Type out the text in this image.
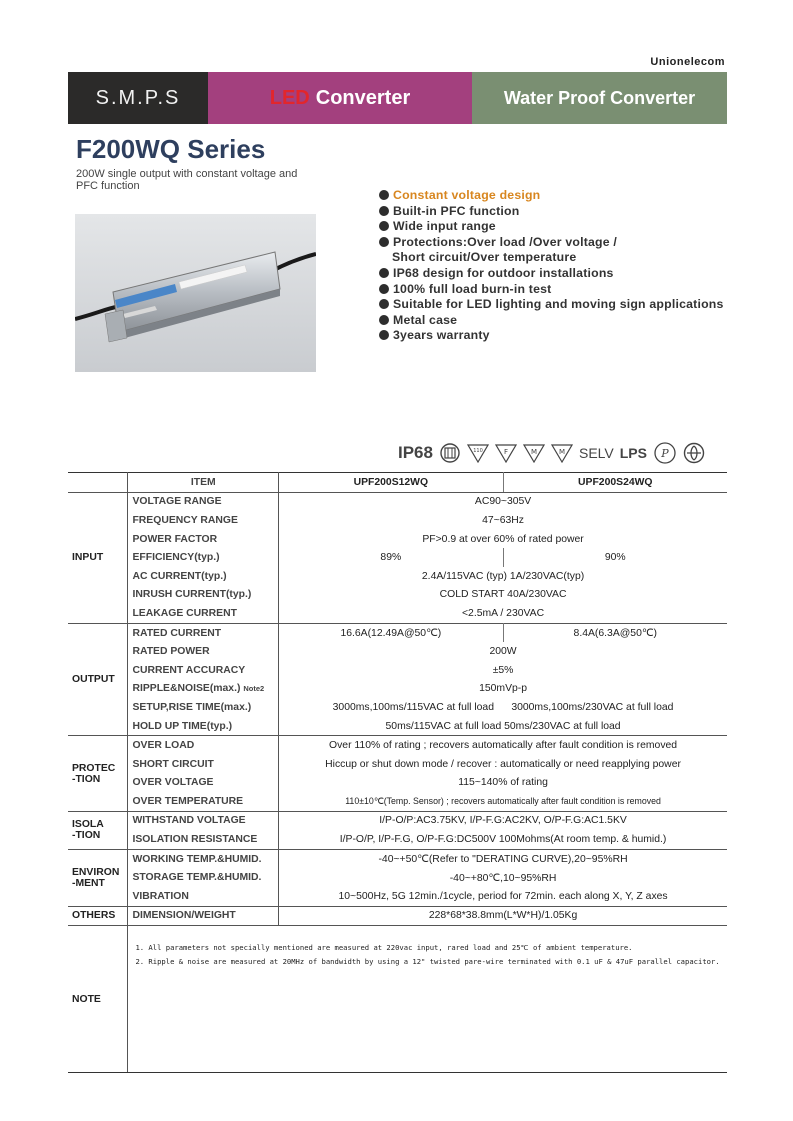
Unionelecom
S.M.P.S	LED Converter	Water Proof Converter
F200WQ Series
200W single output with constant voltage and PFC function
Constant voltage design
Built-in PFC function
Wide input range
Protections:Over load /Over voltage /
Short circuit/Over temperature
IP68 design for outdoor installations
100% full load burn-in test
Suitable for LED lighting and moving sign applications
Metal case
3years warranty
IP68	110	F	M	M SELV LPS P
	ITEM	UPF200S12WQ	UPF200S24WQ
INPUT	VOLTAGE RANGE	AC90~305V	
	FREQUENCY RANGE	47~63Hz	
	POWER FACTOR	PF>0.9 at over 60% of rated power	
	EFFICIENCY(typ.)	89%	90%
	AC CURRENT(typ.)	2.4A/115VAC (typ) 1A/230VAC(typ)	
	INRUSH CURRENT(typ.)	COLD START 40A/230VAC	
	LEAKAGE CURRENT	<2.5mA / 230VAC	
OUTPUT	RATED CURRENT	16.6A(12.49A@50℃)	8.4A(6.3A@50℃)
	RATED POWER	200W	
	CURRENT ACCURACY	±5%	
	RIPPLE&NOISE(max.) Note2	150mVp-p	
	SETUP,RISE TIME(max.)	3000ms,100ms/115VAC at full load      3000ms,100ms/230VAC at full load	
	HOLD UP TIME(typ.)	50ms/115VAC at full load 50ms/230VAC at full load	
PROTEC
-TION	OVER LOAD	Over 110% of rating ; recovers automatically after fault condition is removed	
	SHORT CIRCUIT	Hiccup or shut down mode / recover : automatically or need reapplying power	
	OVER VOLTAGE	115~140% of rating	
	OVER TEMPERATURE	110±10℃(Temp. Sensor) ; recovers automatically after fault condition is removed	
ISOLA
-TION	WITHSTAND VOLTAGE	I/P-O/P:AC3.75KV, I/P-F.G:AC2KV, O/P-F.G:AC1.5KV	
	ISOLATION RESISTANCE	I/P-O/P, I/P-F.G, O/P-F.G:DC500V 100Mohms(At room temp. & humid.)	
ENVIRON
-MENT	WORKING TEMP.&HUMID.	-40~+50℃(Refer to "DERATING CURVE),20~95%RH	
	STORAGE TEMP.&HUMID.	-40~+80℃,10~95%RH	
	VIBRATION	10~500Hz, 5G 12min./1cycle, period for 72min. each along X, Y, Z axes	
OTHERS	DIMENSION/WEIGHT	228*68*38.8mm(L*W*H)/1.05Kg	
NOTE	1. All parameters not specially mentioned are measured at 220vac input, rared load and 25℃ of ambient temperature.
2. Ripple & noise are measured at 20MHz of bandwidth by using a 12" twisted pare-wire terminated with 0.1 uF & 47uF parallel capacitor.		
